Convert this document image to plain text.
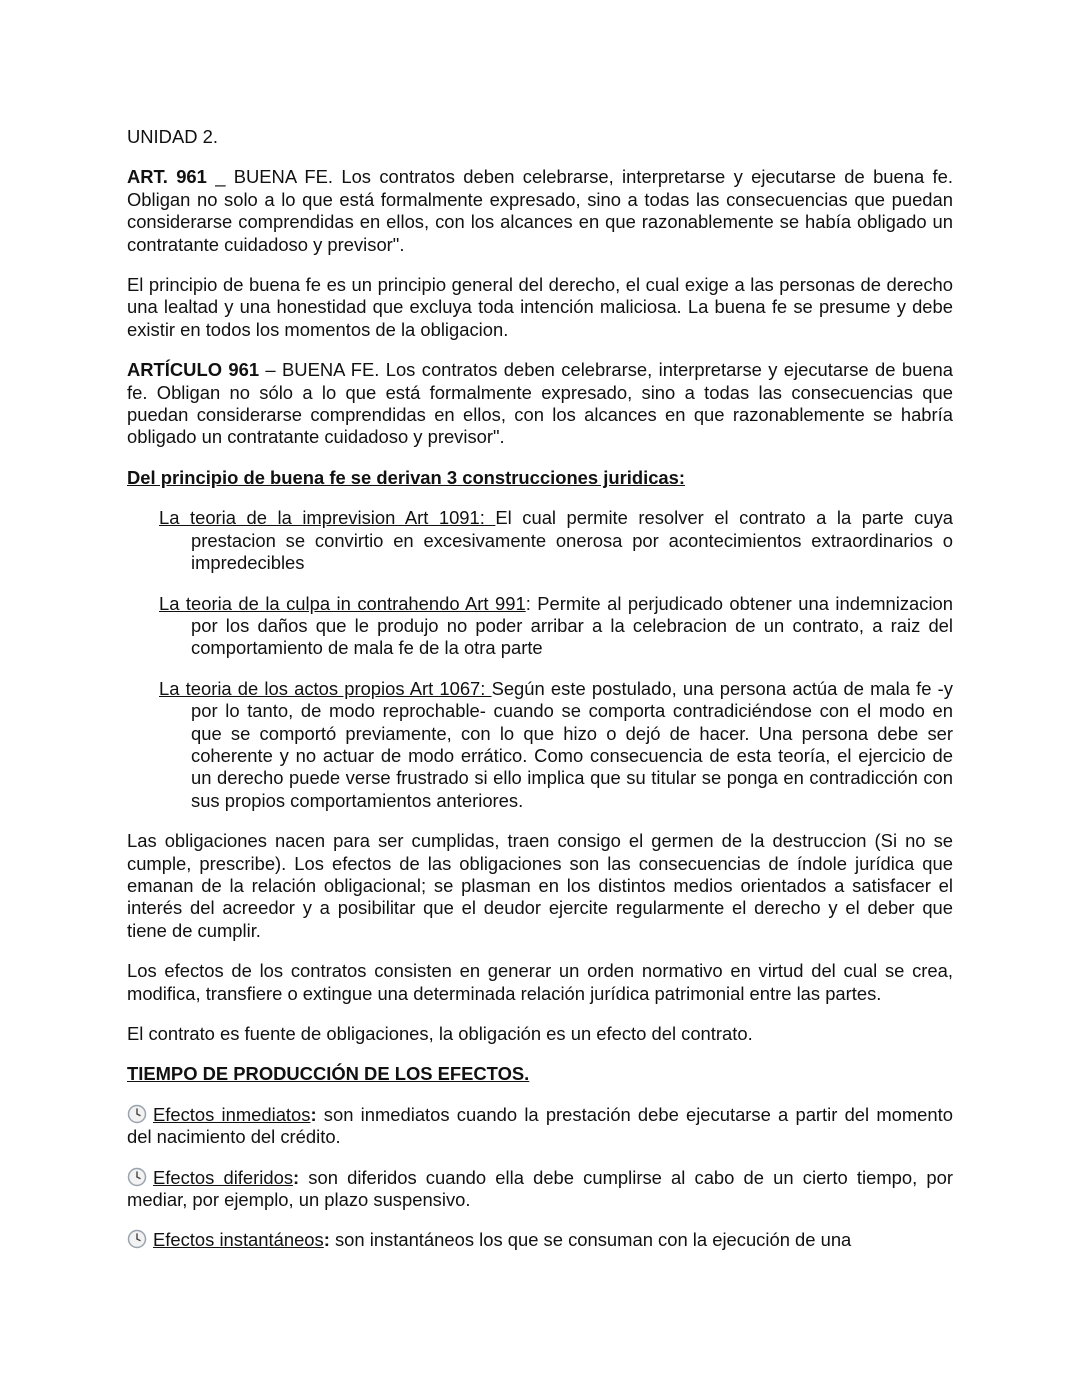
UNIDAD 2.

ART. 961 _ BUENA FE. Los contratos deben celebrarse, interpretarse y ejecutarse de buena fe. Obligan no solo a lo que está formalmente expresado, sino a todas las consecuencias que puedan considerarse comprendidas en ellos, con los alcances en que razonablemente se había obligado un contratante cuidadoso y previsor".

El principio de buena fe es un principio general del derecho, el cual exige a las personas de derecho una lealtad y una honestidad que excluya toda intención maliciosa. La buena fe se presume y debe existir en todos los momentos de la obligacion.

ARTÍCULO 961 – BUENA FE. Los contratos deben celebrarse, interpretarse y ejecutarse de buena fe. Obligan no sólo a lo que está formalmente expresado, sino a todas las consecuencias que puedan considerarse comprendidas en ellos, con los alcances en que razonablemente se habría obligado un contratante cuidadoso y previsor".

Del principio de buena fe se derivan 3 construcciones juridicas:
La teoria de la imprevision Art 1091: El cual permite resolver el contrato a la parte cuya prestacion se convirtio en excesivamente onerosa por acontecimientos extraordinarios o impredecibles
La teoria de la culpa in contrahendo Art 991: Permite al perjudicado obtener una indemnizacion por los daños que le produjo no poder arribar a la celebracion de un contrato, a raiz del comportamiento de mala fe de la otra parte
La teoria de los actos propios Art 1067: Según este postulado, una persona actúa de mala fe -y por lo tanto, de modo reprochable- cuando se comporta contradiciéndose con el modo en que se comportó previamente, con lo que hizo o dejó de hacer. Una persona debe ser coherente y no actuar de modo errático. Como consecuencia de esta teoría, el ejercicio de un derecho puede verse frustrado si ello implica que su titular se ponga en contradicción con sus propios comportamientos anteriores.

Las obligaciones nacen para ser cumplidas, traen consigo el germen de la destruccion (Si no se cumple, prescribe). Los efectos de las obligaciones son las consecuencias de índole jurídica que emanan de la relación obligacional; se plasman en los distintos medios orientados a satisfacer el interés del acreedor y a posibilitar que el deudor ejercite regularmente el derecho y el deber que tiene de cumplir.

Los efectos de los contratos consisten en generar un orden normativo en virtud del cual se crea, modifica, transfiere o extingue una determinada relación jurídica patrimonial entre las partes.

El contrato es fuente de obligaciones, la obligación es un efecto del contrato.

TIEMPO DE PRODUCCIÓN DE LOS EFECTOS.

Efectos inmediatos: son inmediatos cuando la prestación debe ejecutarse a partir del momento del nacimiento del crédito.

Efectos diferidos: son diferidos cuando ella debe cumplirse al cabo de un cierto tiempo, por mediar, por ejemplo, un plazo suspensivo.

Efectos instantáneos: son instantáneos los que se consuman con la ejecución de una
